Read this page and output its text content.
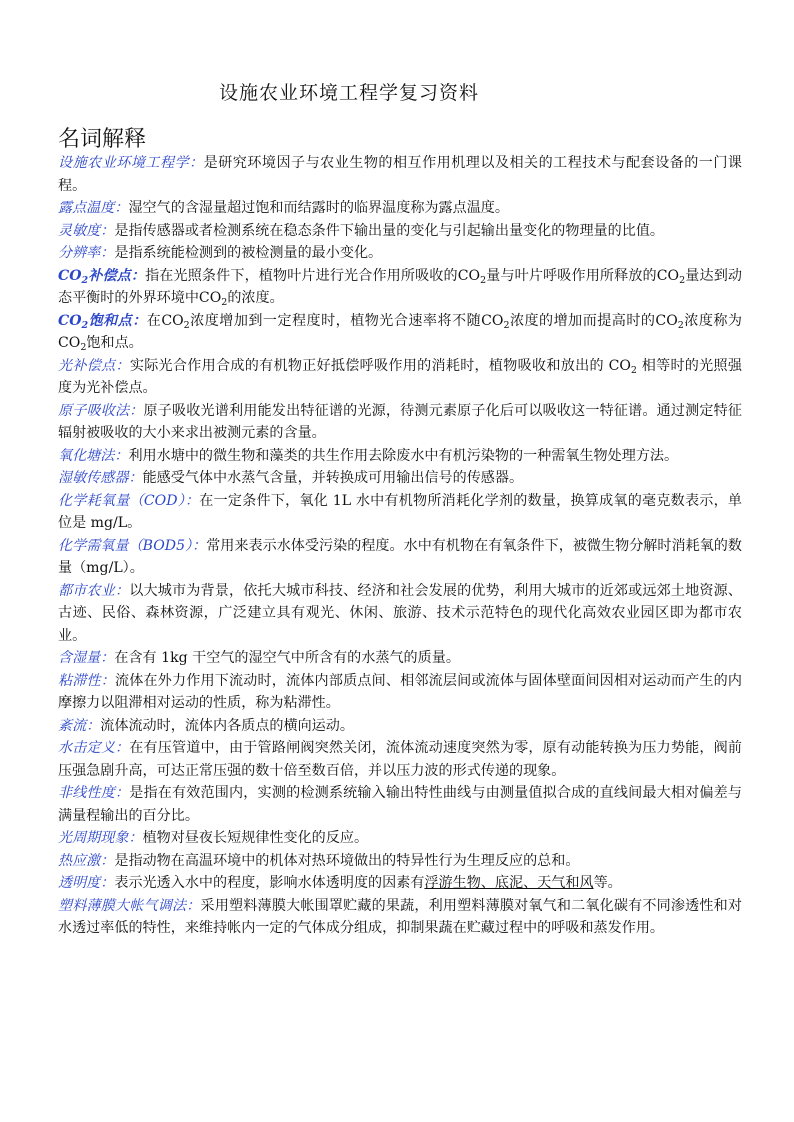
设施农业环境工程学复习资料
名词解释

设施农业环境工程学：是研究环境因子与农业生物的相互作用机理以及相关的工程技术与配套设备的一门课程。

露点温度：湿空气的含湿量超过饱和而结露时的临界温度称为露点温度。

灵敏度：是指传感器或者检测系统在稳态条件下输出量的变化与引起输出量变化的物理量的比值。

分辨率：是指系统能检测到的被检测量的最小变化。

$CO_2$补偿点：指在光照条件下，植物叶片进行光合作用所吸收的$CO_2$量与叶片呼吸作用所释放的$CO_2$量达到动态平衡时的外界环境中$CO_2$的浓度。

$CO_2$饱和点：在$CO_2$浓度增加到一定程度时，植物光合速率将不随$CO_2$浓度的增加而提高时的$CO_2$浓度称为$CO_2$饱和点。

光补偿点：实际光合作用合成的有机物正好抵偿呼吸作用的消耗时，植物吸收和放出的 $CO_2$ 相等时的光照强度为光补偿点。

原子吸收法：原子吸收光谱利用能发出特征谱的光源，待测元素原子化后可以吸收这一特征谱。通过测定特征辐射被吸收的大小来求出被测元素的含量。

氧化塘法：利用水塘中的微生物和藻类的共生作用去除废水中有机污染物的一种需氧生物处理方法。

湿敏传感器：能感受气体中水蒸气含量，并转换成可用输出信号的传感器。

化学耗氧量（COD）：在一定条件下，氧化 1L 水中有机物所消耗化学剂的数量，换算成氧的毫克数表示，单位是 mg/L。

化学需氧量（BOD5）：常用来表示水体受污染的程度。水中有机物在有氧条件下，被微生物分解时消耗氧的数量（mg/L）。

都市农业：以大城市为背景，依托大城市科技、经济和社会发展的优势，利用大城市的近郊或远郊土地资源、古迹、民俗、森林资源，广泛建立具有观光、休闲、旅游、技术示范特色的现代化高效农业园区即为都市农业。

含湿量：在含有 1kg 干空气的湿空气中所含有的水蒸气的质量。

粘滞性：流体在外力作用下流动时，流体内部质点间、相邻流层间或流体与固体壁面间因相对运动而产生的内摩擦力以阻滞相对运动的性质，称为粘滞性。

紊流：流体流动时，流体内各质点的横向运动。

水击定义：在有压管道中，由于管路闸阀突然关闭，流体流动速度突然为零，原有动能转换为压力势能，阀前压强急剧升高，可达正常压强的数十倍至数百倍，并以压力波的形式传递的现象。

非线性度：是指在有效范围内，实测的检测系统输入输出特性曲线与由测量值拟合成的直线间最大相对偏差与满量程输出的百分比。

光周期现象：植物对昼夜长短规律性变化的反应。

热应激：是指动物在高温环境中的机体对热环境做出的特异性行为生理反应的总和。

透明度：表示光透入水中的程度，影响水体透明度的因素有浮游生物、底泥、天气和风等。

塑料薄膜大帐气调法：采用塑料薄膜大帐围罩贮藏的果蔬，利用塑料薄膜对氧气和二氧化碳有不同渗透性和对水透过率低的特性，来维持帐内一定的气体成分组成，抑制果蔬在贮藏过程中的呼吸和蒸发作用。
